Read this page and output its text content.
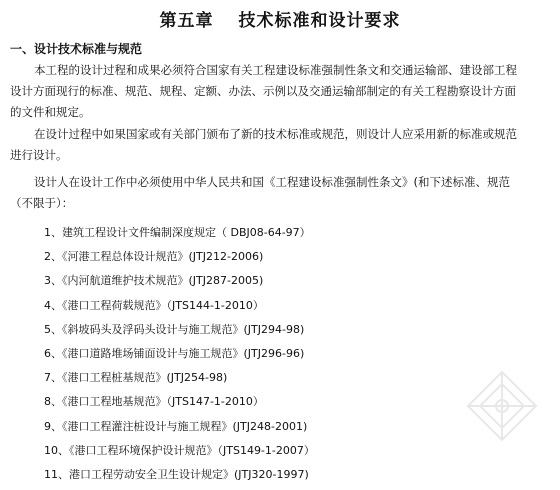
第五章　 技术标准和设计要求
一、设计技术标准与规范

本工程的设计过程和成果必须符合国家有关工程建设标准强制性条文和交通运输部、建设部工程设计方面现行的标准、规范、规程、定额、办法、示例以及交通运输部制定的有关工程勘察设计方面的文件和规定。

在设计过程中如果国家或有关部门颁布了新的技术标准或规范，则设计人应采用新的标准或规范进行设计。

设计人在设计工作中必须使用中华人民共和国《工程建设标准强制性条文》(和下述标准、规范（不限于）：

1、建筑工程设计文件编制深度规定（ DBJ08-64-97）
2、《河港工程总体设计规范》(JTJ212-2006)
3、《内河航道维护技术规范》(JTJ287-2005)
4、《港口工程荷载规范》（JTS144-1-2010）
5、《斜坡码头及浮码头设计与施工规范》(JTJ294-98)
6、《港口道路堆场铺面设计与施工规范》(JTJ296-96)
7、《港口工程桩基规范》(JTJ254-98)
8、《港口工程地基规范》（JTS147-1-2010）
9、《港口工程灌注桩设计与施工规程》(JTJ248-2001)
10、《港口工程环境保护设计规范》（JTS149-1-2007）
11、港口工程劳动安全卫生设计规定》(JTJ320-1997)
